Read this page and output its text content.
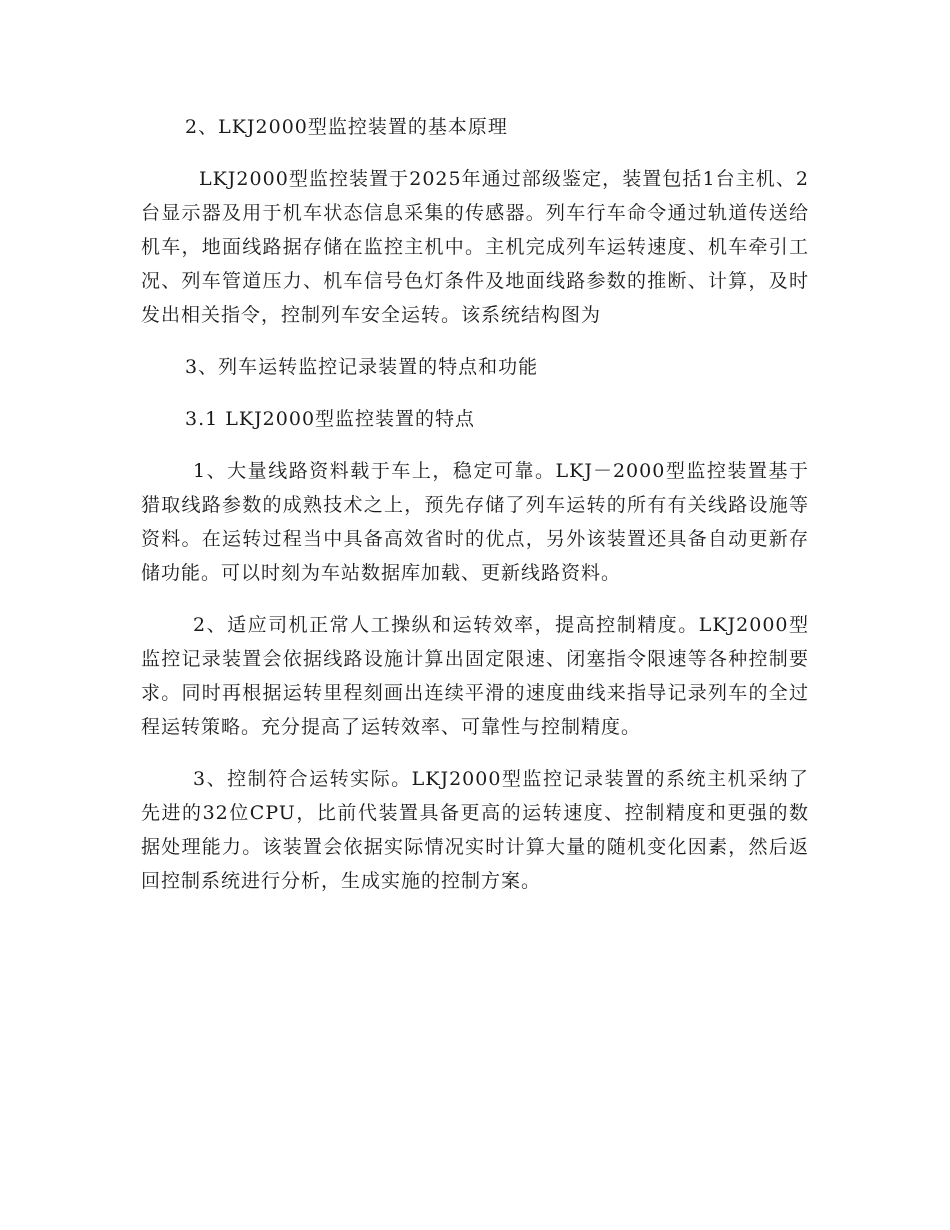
2、LKJ2000型监控装置的基本原理

LKJ2000型监控装置于2025年通过部级鉴定，装置包括1台主机、2台显示器及用于机车状态信息采集的传感器。列车行车命令通过轨道传送给机车，地面线路据存储在监控主机中。主机完成列车运转速度、机车牵引工况、列车管道压力、机车信号色灯条件及地面线路参数的推断、计算，及时发出相关指令，控制列车安全运转。该系统结构图为

3、列车运转监控记录装置的特点和功能

3.1 LKJ2000型监控装置的特点

1、大量线路资料载于车上，稳定可靠。LKJ－2000型监控装置基于猎取线路参数的成熟技术之上，预先存储了列车运转的所有有关线路设施等资料。在运转过程当中具备高效省时的优点，另外该装置还具备自动更新存储功能。可以时刻为车站数据库加载、更新线路资料。

2、适应司机正常人工操纵和运转效率，提高控制精度。LKJ2000型监控记录装置会依据线路设施计算出固定限速、闭塞指令限速等各种控制要求。同时再根据运转里程刻画出连续平滑的速度曲线来指导记录列车的全过程运转策略。充分提高了运转效率、可靠性与控制精度。

3、控制符合运转实际。LKJ2000型监控记录装置的系统主机采纳了先进的32位CPU，比前代装置具备更高的运转速度、控制精度和更强的数据处理能力。该装置会依据实际情况实时计算大量的随机变化因素，然后返回控制系统进行分析，生成实施的控制方案。
